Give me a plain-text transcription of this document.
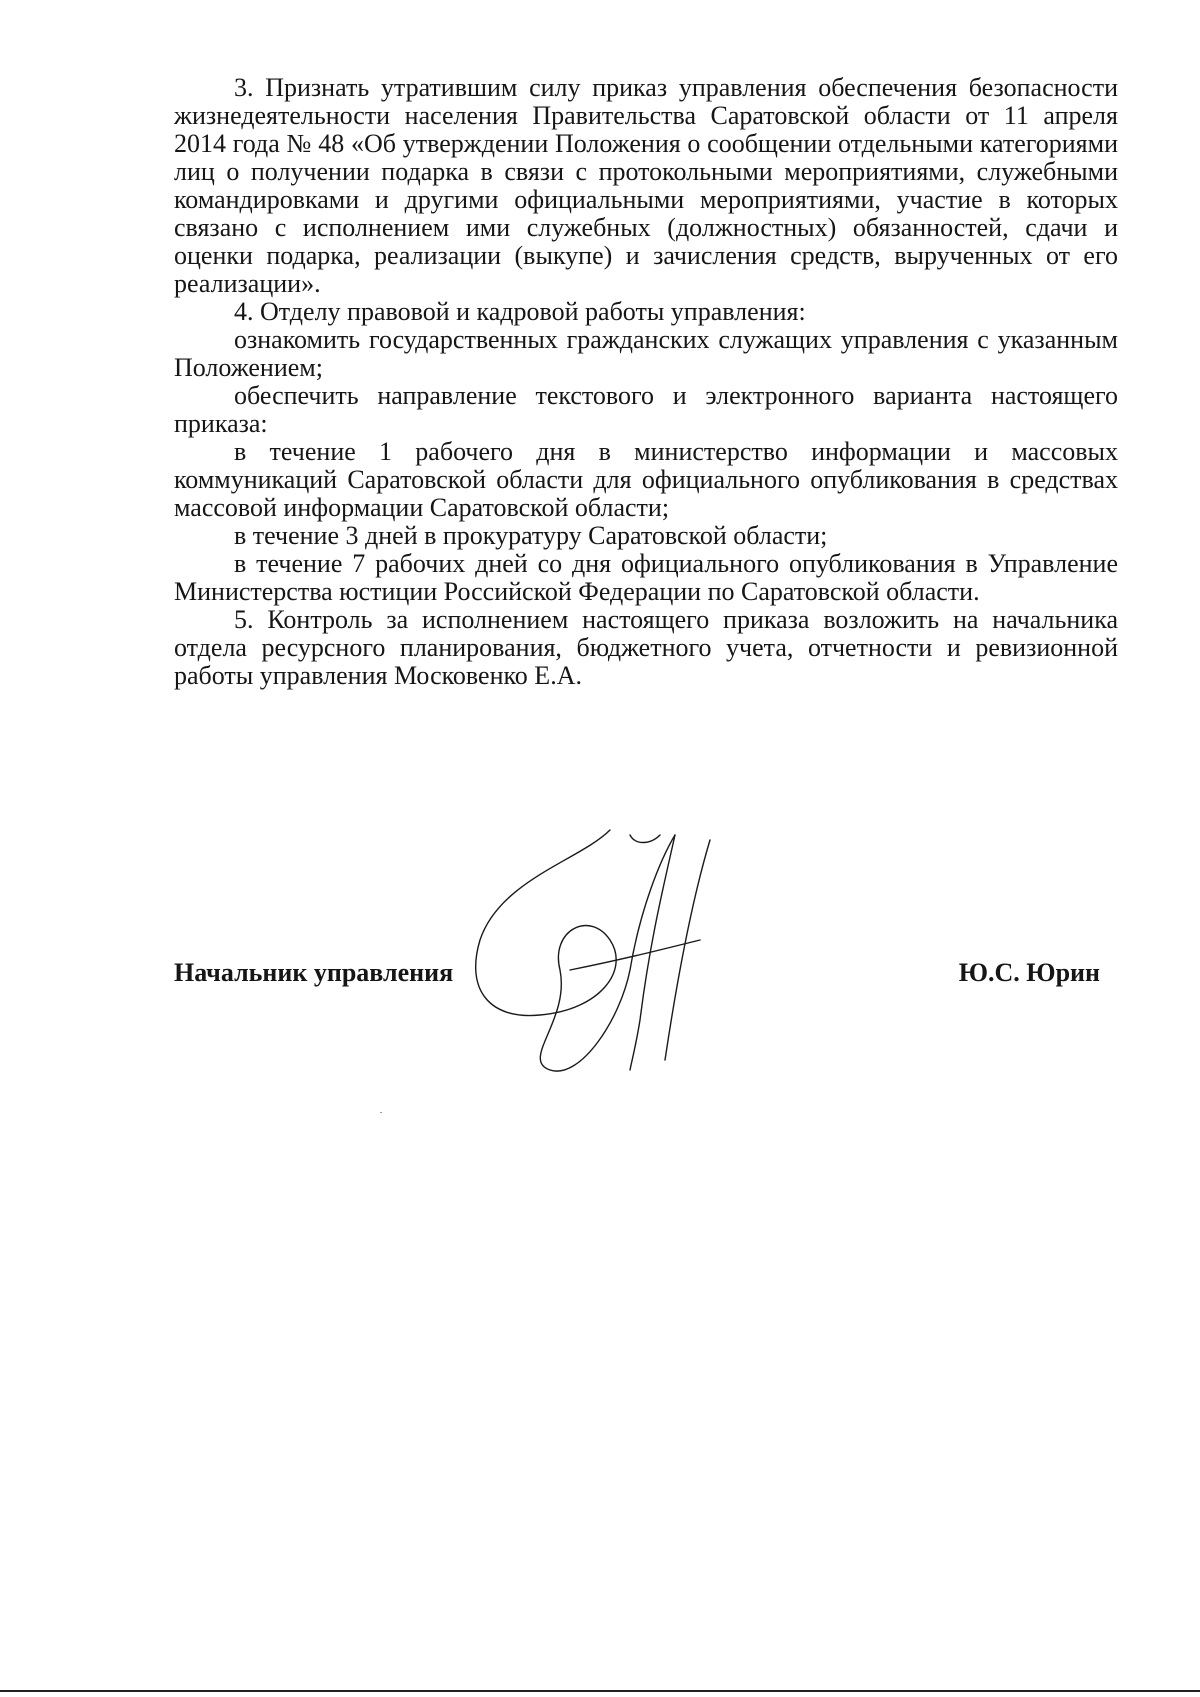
3. Признать утратившим силу приказ управления обеспечения безопасности жизнедеятельности населения Правительства Саратовской области от 11 апреля 2014 года № 48 «Об утверждении Положения о сообщении отдельными категориями лиц о получении подарка в связи с протокольными мероприятиями, служебными командировками и другими официальными мероприятиями, участие в которых связано с исполнением ими служебных (должностных) обязанностей, сдачи и оценки подарка, реализации (выкупе) и зачисления средств, вырученных от его реализации».

4. Отделу правовой и кадровой работы управления:

ознакомить государственных гражданских служащих управления с указанным Положением;

обеспечить направление текстового и электронного варианта настоящего приказа:

в течение 1 рабочего дня в министерство информации и массовых коммуникаций Саратовской области для официального опубликования в средствах массовой информации Саратовской области;

в течение 3 дней в прокуратуру Саратовской области;

в течение 7 рабочих дней со дня официального опубликования в Управление Министерства юстиции Российской Федерации по Саратовской области.

5. Контроль за исполнением настоящего приказа возложить на начальника отдела ресурсного планирования, бюджетного учета, отчетности и ревизионной работы управления Московенко Е.А.

Начальник управления	Ю.С. Юрин
